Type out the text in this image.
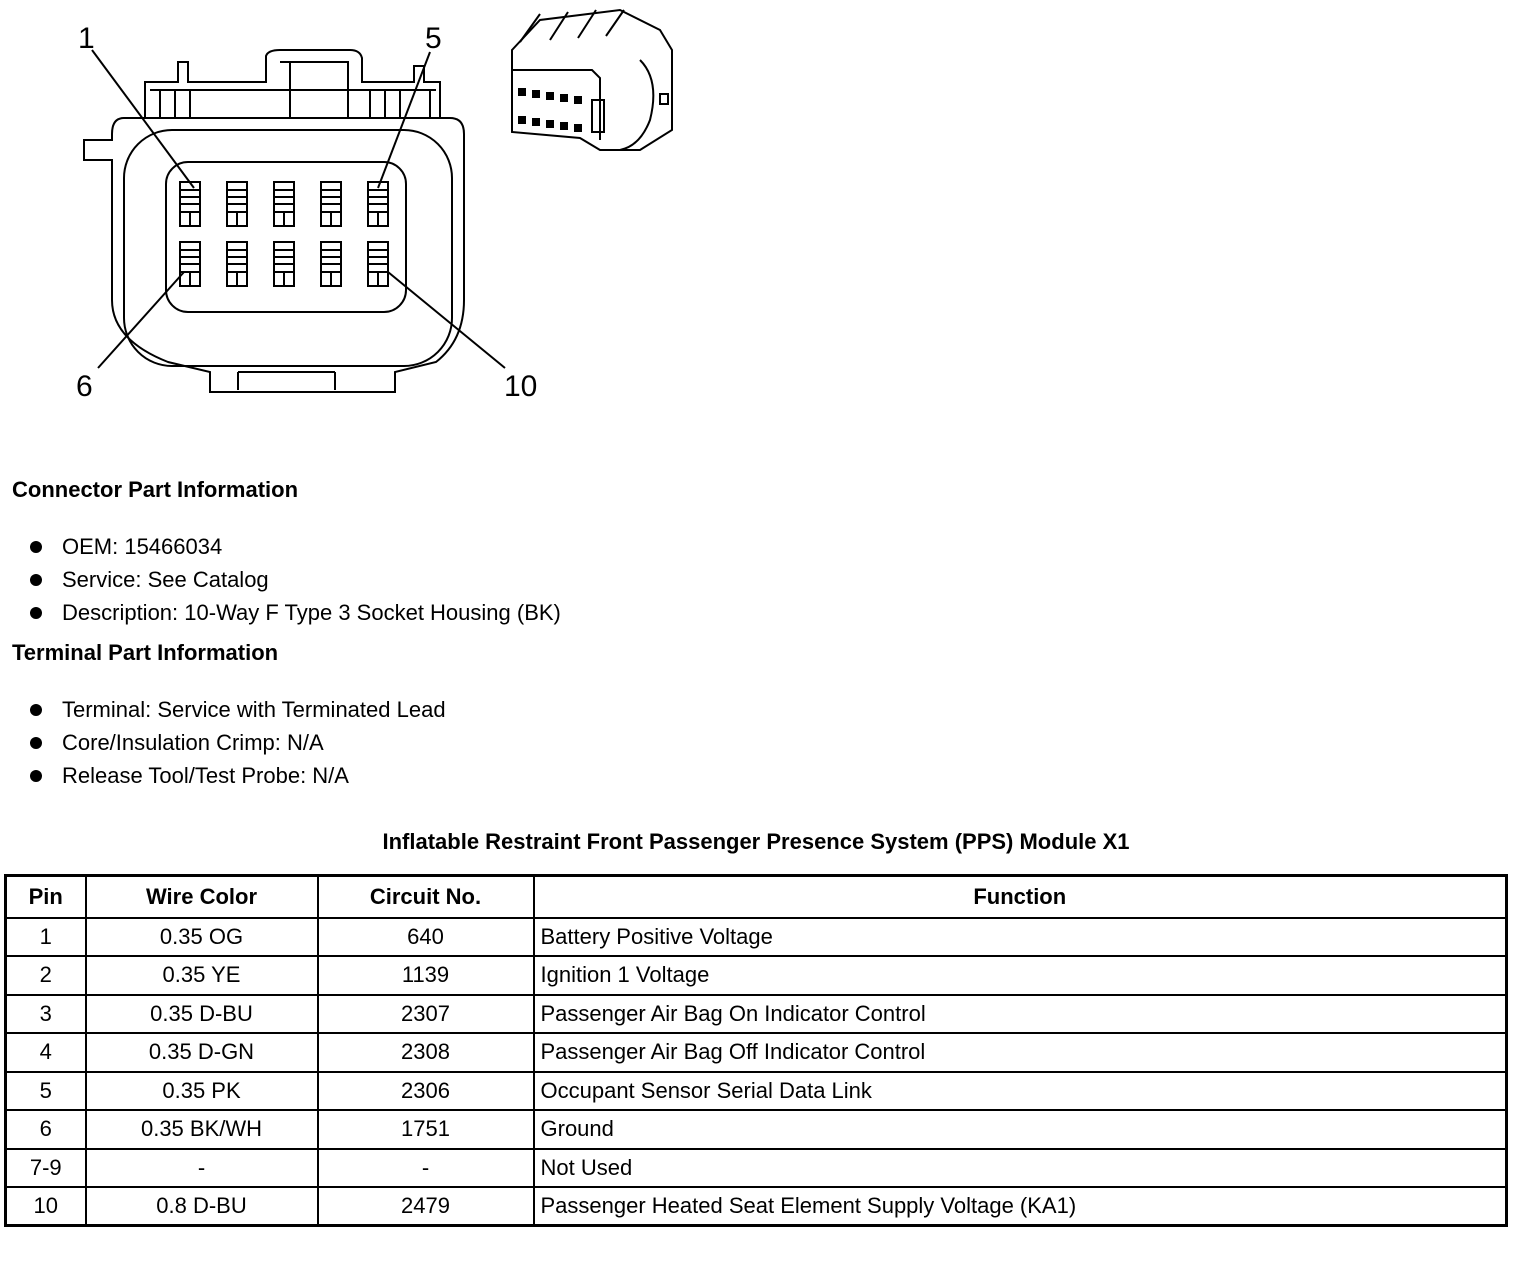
1	5
6	10
Connector Part Information
OEM: 15466034
Service: See Catalog
Description: 10-Way F Type 3 Socket Housing (BK)
Terminal Part Information
Terminal: Service with Terminated Lead
Core/Insulation Crimp: N/A
Release Tool/Test Probe: N/A
Inflatable Restraint Front Passenger Presence System (PPS) Module X1
Pin	Wire Color	Circuit No.	Function
1	0.35 OG	640	Battery Positive Voltage
2	0.35 YE	1139	Ignition 1 Voltage
3	0.35 D-BU	2307	Passenger Air Bag On Indicator Control
4	0.35 D-GN	2308	Passenger Air Bag Off Indicator Control
5	0.35 PK	2306	Occupant Sensor Serial Data Link
6	0.35 BK/WH	1751	Ground
7-9	-	-	Not Used
10	0.8 D-BU	2479	Passenger Heated Seat Element Supply Voltage (KA1)
